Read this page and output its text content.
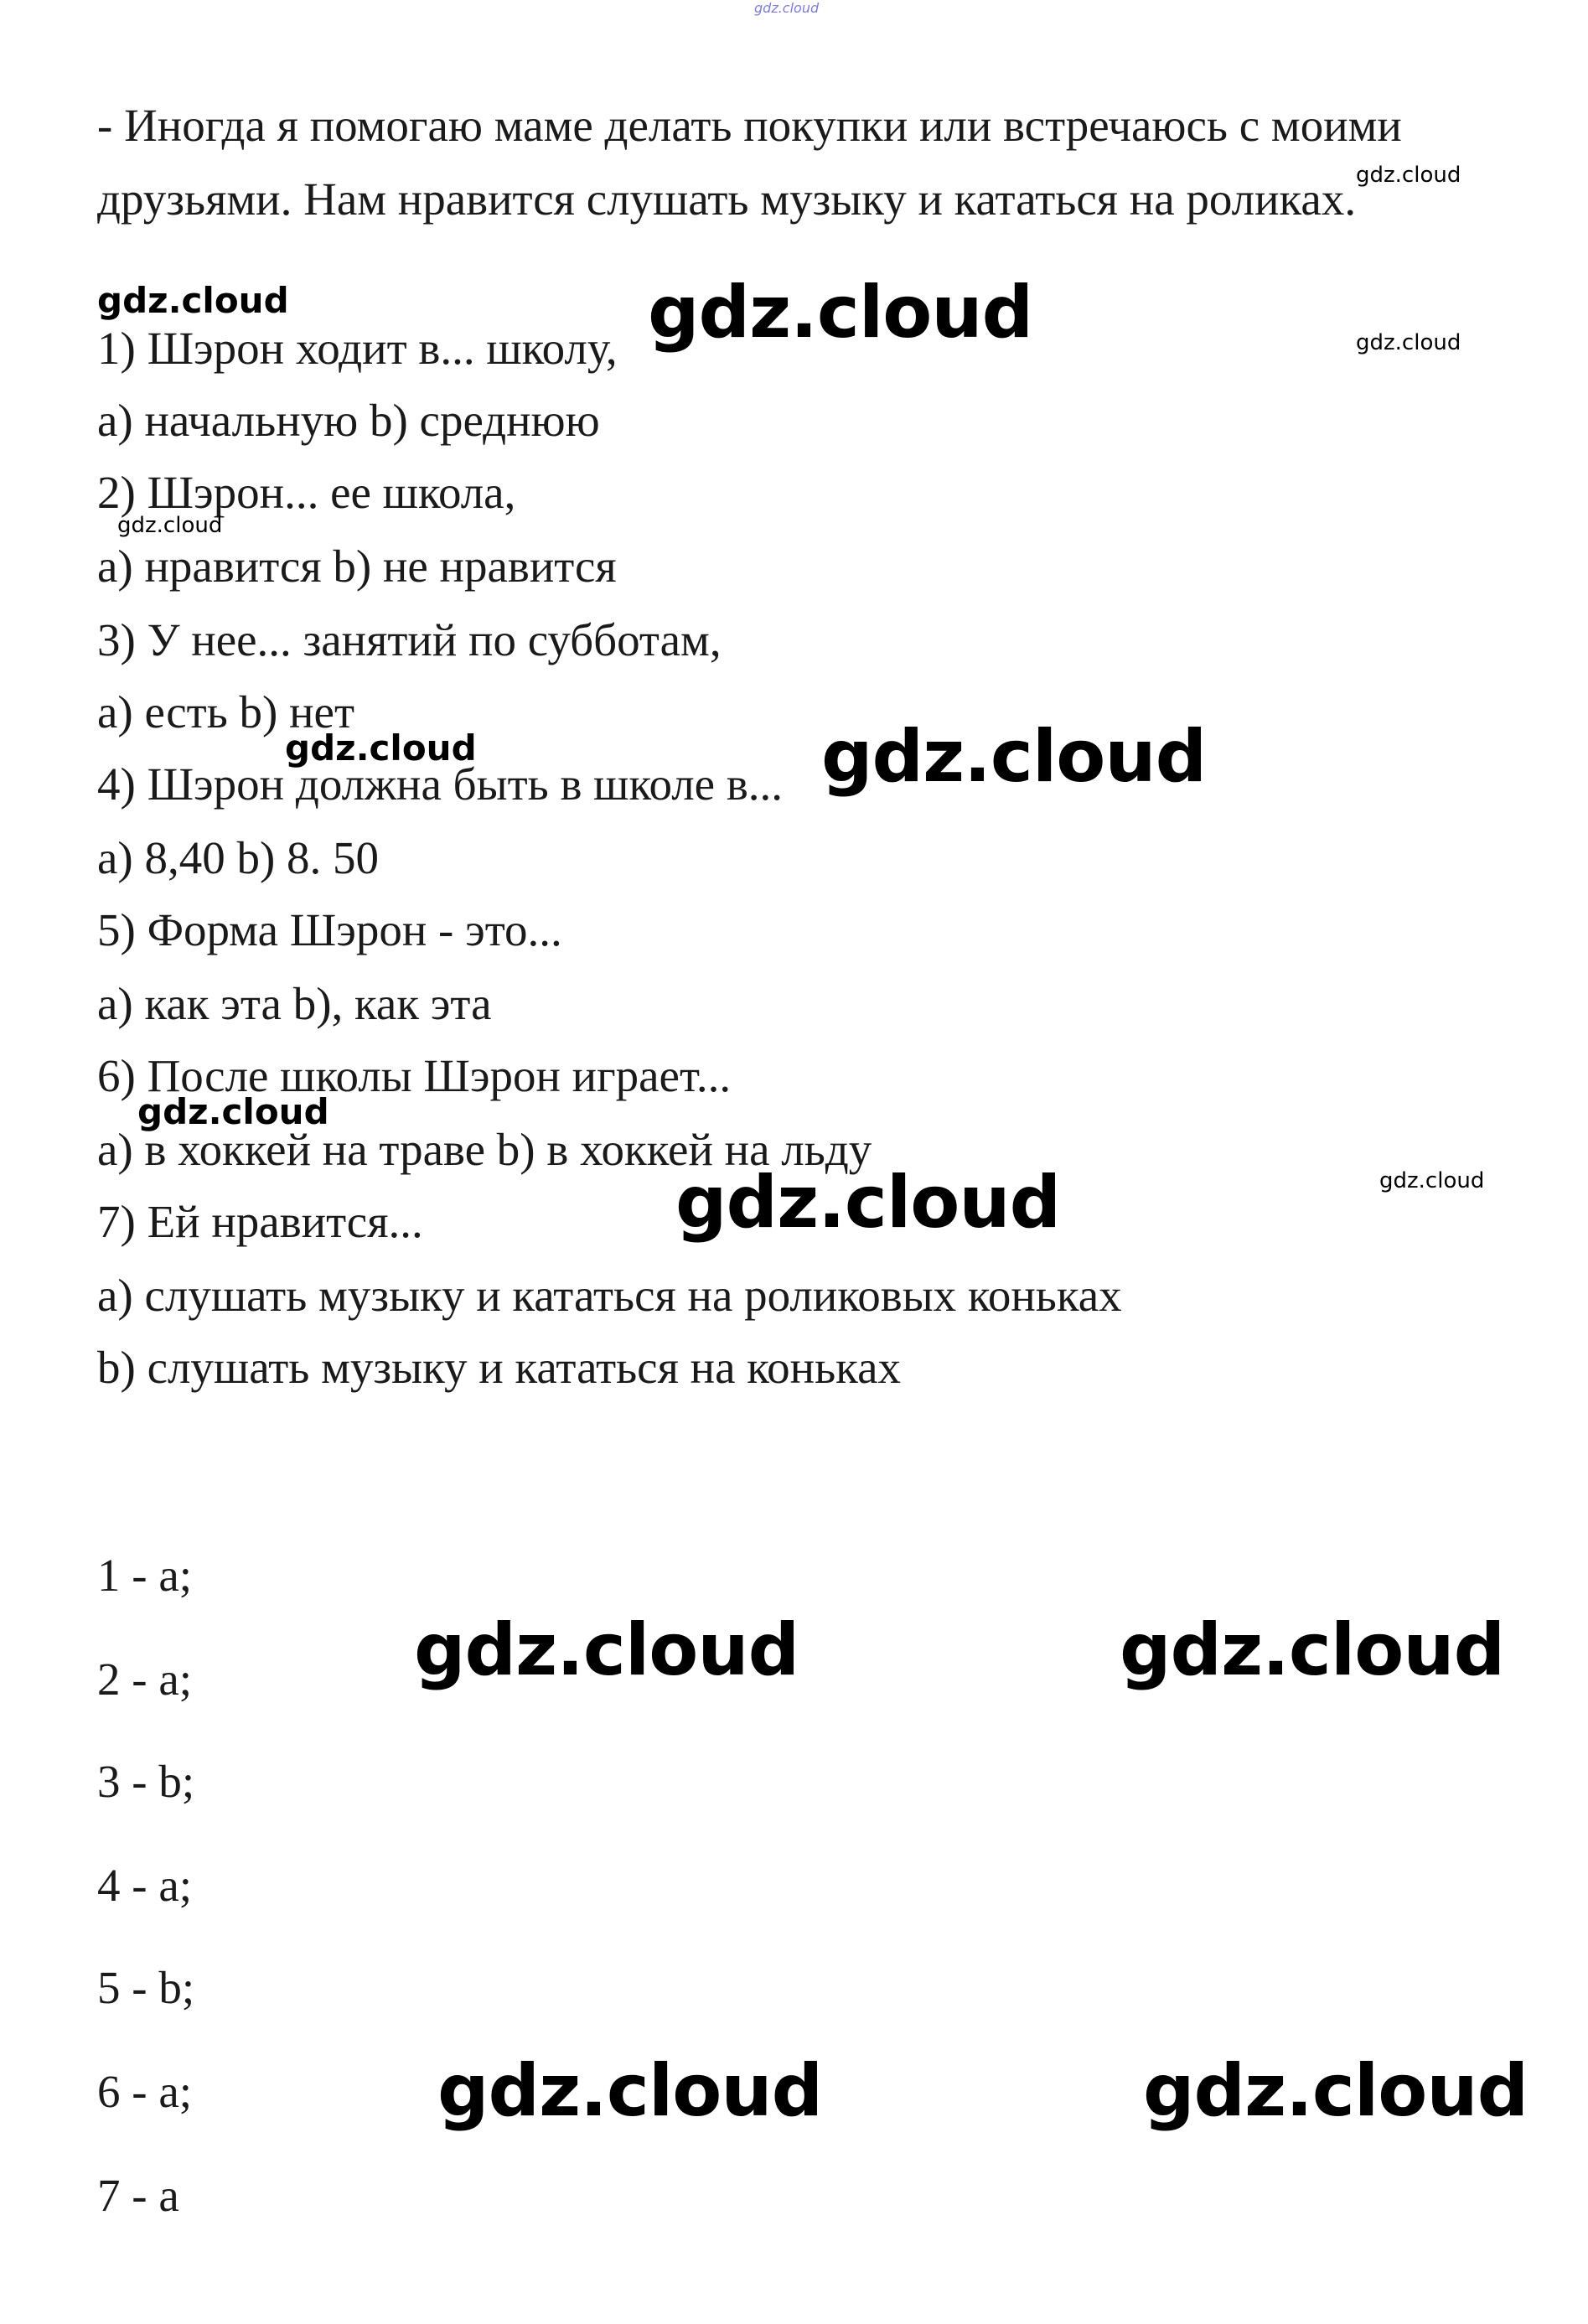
gdz.cloud
- Иногда я помогаю маме делать покупки или встречаюсь с моими
друзьями. Нам нравится слушать музыку и кататься на роликах.
1) Шэрон ходит в... школу,
a) начальную b) среднюю
2) Шэрон... ее школа,
a) нравится b) не нравится
3) У нее... занятий по субботам,
a) есть b) нет
4) Шэрон должна быть в школе в...
a) 8,40 b) 8. 50
5) Форма Шэрон - это...
a) как эта b), как эта
6) После школы Шэрон играет...
a) в хоккей на траве b) в хоккей на льду
7) Ей нравится...
a) слушать музыку и кататься на роликовых коньках
b) слушать музыку и кататься на коньках
1 - a;
2 - a;
3 - b;
4 - a;
5 - b;
6 - a;
7 - a
gdz.cloud
gdz.cloud	gdz.cloud	gdz.cloud
gdz.cloud
gdz.cloud	gdz.cloud
gdz.cloud
gdz.cloud
gdz.cloud
gdz.cloud	gdz.cloud
gdz.cloud	gdz.cloud
